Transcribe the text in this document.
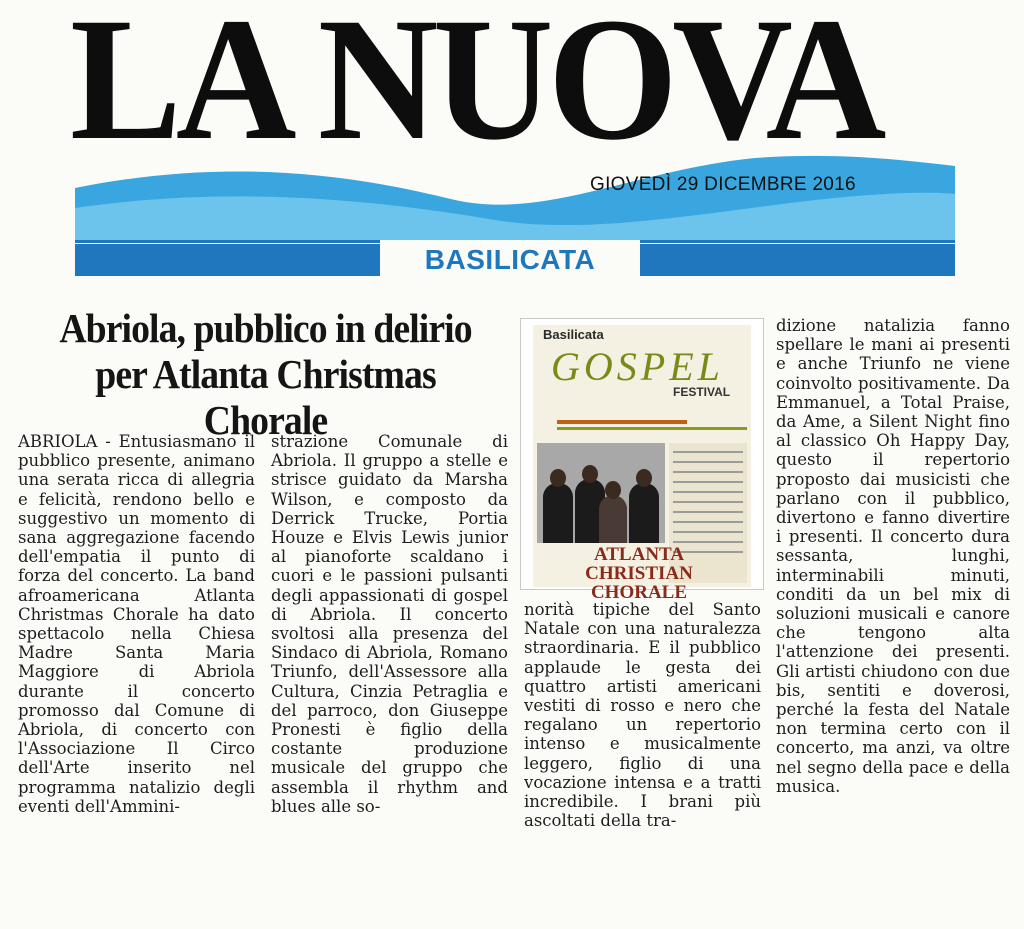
LA NUOVA
GIOVEDÌ 29 DICEMBRE 2016
BASILICATA
Abriola, pubblico in delirio
per Atlanta Christmas Chorale
ABRIOLA - Entusiasmano il pubblico presente, animano una serata ricca di allegria e felicità, rendono bello e suggestivo un momento di sana aggregazione facendo dell'empatia il punto di forza del concerto. La band afroamericana Atlanta Christmas Chorale ha dato spettacolo nella Chiesa Madre Santa Maria Maggiore di Abriola durante il concerto promosso dal Comune di Abriola, di concerto con l'Associazione Il Circo dell'Arte inserito nel programma natalizio degli eventi dell'Ammini-
strazione Comunale di Abriola. Il gruppo a stelle e strisce guidato da Marsha Wilson, e composto da Derrick Trucke, Portia Houze e Elvis Lewis junior al pianoforte scaldano i cuori e le passioni pulsanti degli appassionati di gospel di Abriola. Il concerto svoltosi alla presenza del Sindaco di Abriola, Romano Triunfo, dell'Assessore alla Cultura, Cinzia Petraglia e del parroco, don Giuseppe Pronesti è figlio della costante produzione musicale del gruppo che assembla il rhythm and blues alle so-
Basilicata
GOSPEL
FESTIVAL
ATLANTA
CHRISTIAN
CHORALE
norità tipiche del Santo Natale con una naturalezza straordinaria. E il pubblico applaude le gesta dei quattro artisti americani vestiti di rosso e nero che regalano un repertorio intenso e musicalmente leggero, figlio di una vocazione intensa e a tratti incredibile. I brani più ascoltati della tra-
dizione natalizia fanno spellare le mani ai presenti e anche Triunfo ne viene coinvolto positivamente. Da Emmanuel, a Total Praise, da Ame, a Silent Night fino al classico Oh Happy Day, questo il repertorio proposto dai musicisti che parlano con il pubblico, divertono e fanno divertire i presenti. Il concerto dura sessanta, lunghi, interminabili minuti, conditi da un bel mix di soluzioni musicali e canore che tengono alta l'attenzione dei presenti. Gli artisti chiudono con due bis, sentiti e doverosi, perché la festa del Natale non termina certo con il concerto, ma anzi, va oltre nel segno della pace e della musica.
